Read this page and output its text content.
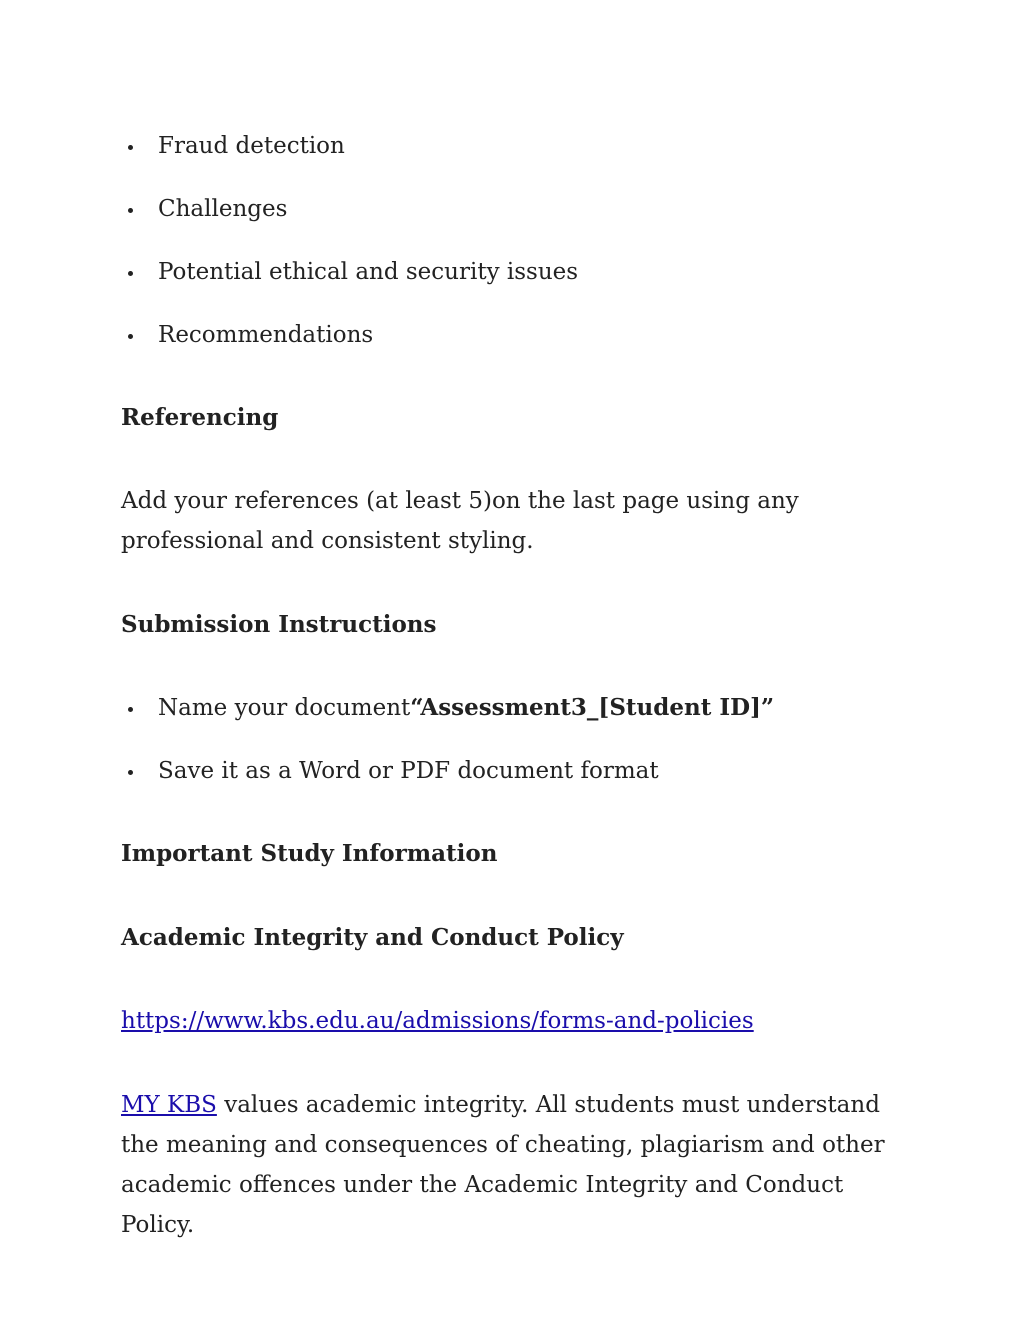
Fraud detection
Challenges
Potential ethical and security issues
Recommendations
Referencing

Add your references (at least 5)on the last page using any professional and consistent styling.

Submission Instructions
Name your document“Assessment3_[Student ID]”
Save it as a Word or PDF document format
Important Study Information
Academic Integrity and Conduct Policy

https://www.kbs.edu.au/admissions/forms-and-policies

MY KBS values academic integrity. All students must understand the meaning and consequences of cheating, plagiarism and other academic offences under the Academic Integrity and Conduct Policy.
